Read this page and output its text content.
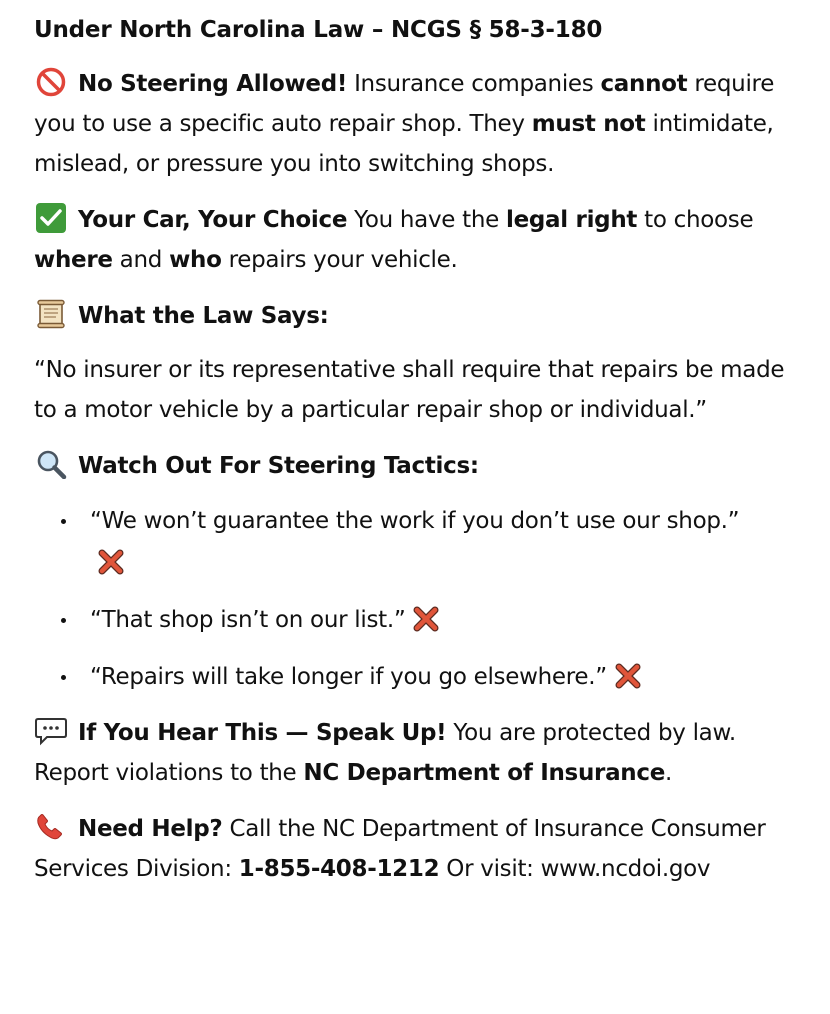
Under North Carolina Law – NCGS § 58-3-180

No Steering Allowed! Insurance companies cannot require you to use a specific auto repair shop. They must not intimidate, mislead, or pressure you into switching shops.

Your Car, Your Choice You have the legal right to choose where and who repairs your vehicle.

What the Law Says:

“No insurer or its representative shall require that repairs be made to a motor vehicle by a particular repair shop or individual.”

Watch Out For Steering Tactics:

“We won’t guarantee the work if you don’t use our shop.”
“That shop isn’t on our list.”
“Repairs will take longer if you go elsewhere.”

If You Hear This — Speak Up! You are protected by law. Report violations to the NC Department of Insurance.

Need Help? Call the NC Department of Insurance Consumer Services Division: 1-855-408-1212 Or visit: www.ncdoi.gov
